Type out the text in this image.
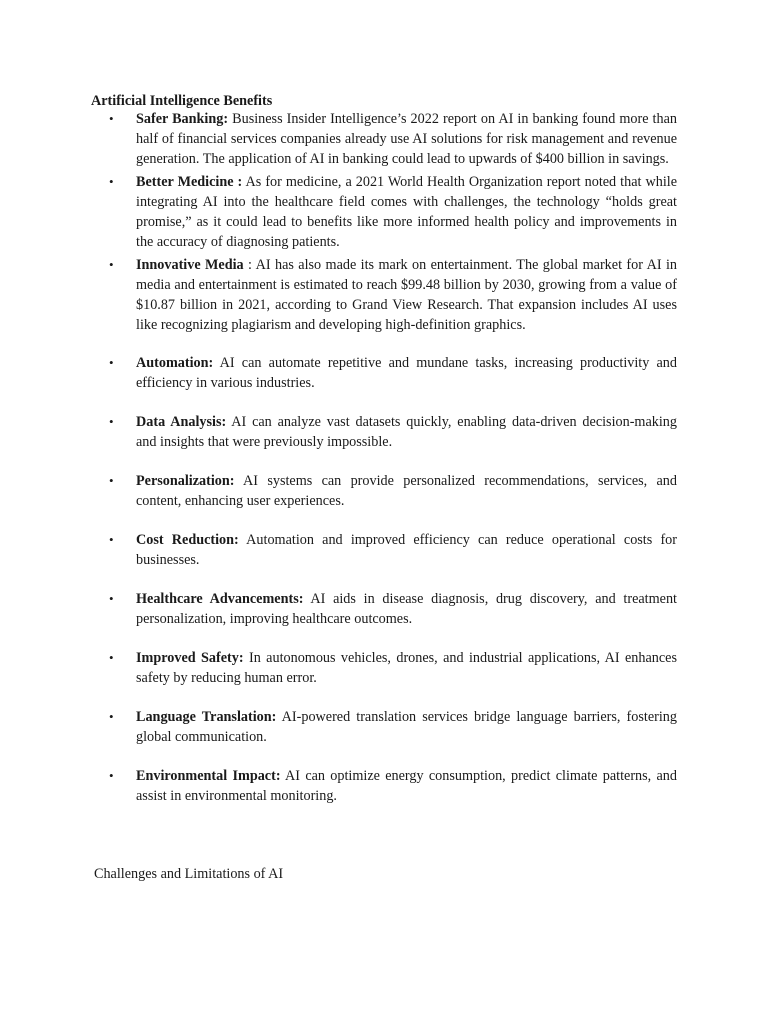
Artificial Intelligence Benefits
• Safer Banking: Business Insider Intelligence’s 2022 report on AI in banking found more than half of financial services companies already use AI solutions for risk management and revenue generation. The application of AI in banking could lead to upwards of $400 billion in savings.
• Better Medicine : As for medicine, a 2021 World Health Organization report noted that while integrating AI into the healthcare field comes with challenges, the technology “holds great promise,” as it could lead to benefits like more informed health policy and improvements in the accuracy of diagnosing patients.
• Innovative Media : AI has also made its mark on entertainment. The global market for AI in media and entertainment is estimated to reach $99.48 billion by 2030, growing from a value of $10.87 billion in 2021, according to Grand View Research. That expansion includes AI uses like recognizing plagiarism and developing high-definition graphics.
• Automation: AI can automate repetitive and mundane tasks, increasing productivity and efficiency in various industries.
• Data Analysis: AI can analyze vast datasets quickly, enabling data-driven decision-making and insights that were previously impossible.
• Personalization: AI systems can provide personalized recommendations, services, and content, enhancing user experiences.
• Cost Reduction: Automation and improved efficiency can reduce operational costs for businesses.
• Healthcare Advancements: AI aids in disease diagnosis, drug discovery, and treatment personalization, improving healthcare outcomes.
• Improved Safety: In autonomous vehicles, drones, and industrial applications, AI enhances safety by reducing human error.
• Language Translation: AI-powered translation services bridge language barriers, fostering global communication.
• Environmental Impact: AI can optimize energy consumption, predict climate patterns, and assist in environmental monitoring.
Challenges and Limitations of AI
